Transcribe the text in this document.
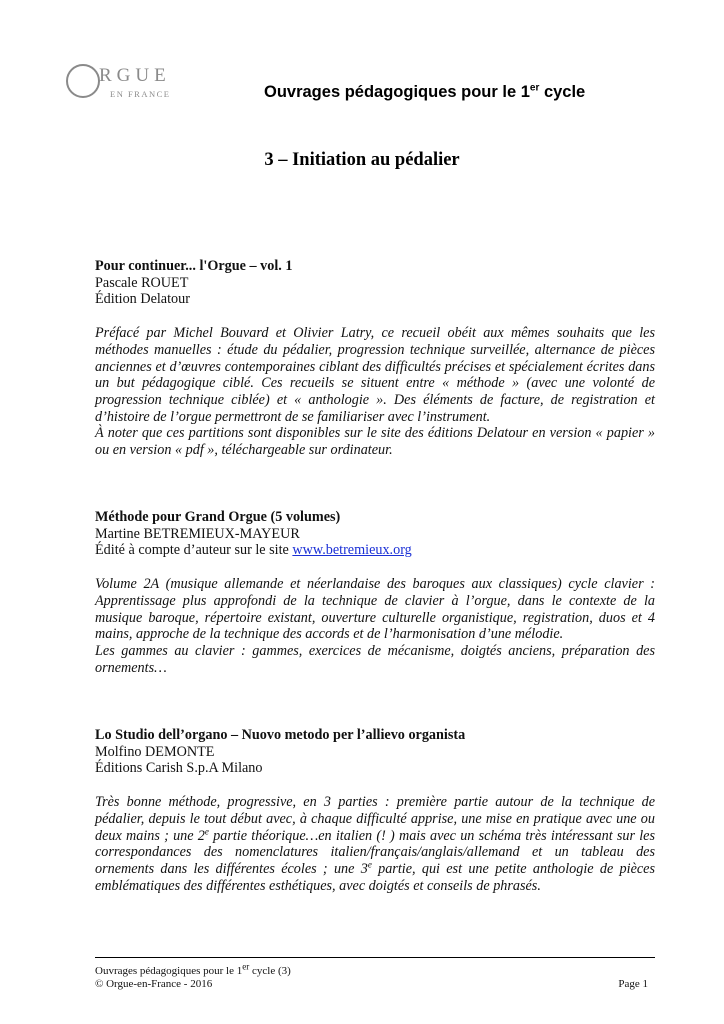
RGUE
EN FRANCE	Ouvrages pédagogiques pour le 1er cycle
3 – Initiation au pédalier
Pour continuer... l'Orgue – vol. 1
Pascale ROUET
Édition Delatour
Préfacé par Michel Bouvard et Olivier Latry, ce recueil obéit aux mêmes souhaits que les méthodes manuelles : étude du pédalier, progression technique surveillée, alternance de pièces anciennes et d’œuvres contemporaines ciblant des difficultés précises et spécialement écrites dans un but pédagogique ciblé. Ces recueils se situent entre « méthode » (avec une volonté de progression technique ciblée) et « anthologie ». Des éléments de facture, de registration et d’histoire de l’orgue permettront de se familiariser avec l’instrument.
À noter que ces partitions sont disponibles sur le site des éditions Delatour en version « papier » ou en version « pdf », téléchargeable sur ordinateur.
Méthode pour Grand Orgue (5 volumes)
Martine BETREMIEUX-MAYEUR
Édité à compte d’auteur sur le site www.betremieux.org
Volume 2A (musique allemande et néerlandaise des baroques aux classiques) cycle clavier : Apprentissage plus approfondi de la technique de clavier à l’orgue, dans le contexte de la musique baroque, répertoire existant, ouverture culturelle organistique, registration, duos et 4 mains, approche de la technique des accords et de l’harmonisation d’une mélodie.
Les gammes au clavier : gammes, exercices de mécanisme, doigtés anciens, préparation des ornements…
Lo Studio dell’organo – Nuovo metodo per l’allievo organista
Molfino DEMONTE
Éditions Carish S.p.A Milano
Très bonne méthode, progressive, en 3 parties : première partie autour de la technique de pédalier, depuis le tout début avec, à chaque difficulté apprise, une mise en pratique avec une ou deux mains ; une 2e partie théorique…en italien (! ) mais avec un schéma très intéressant sur les correspondances des nomenclatures italien/français/anglais/allemand et un tableau des ornements dans les différentes écoles ; une 3e partie, qui est une petite anthologie de pièces emblématiques des différentes esthétiques, avec doigtés et conseils de phrasés.
Ouvrages pédagogiques pour le 1er cycle (3)
© Orgue-en-France - 2016	Page 1
